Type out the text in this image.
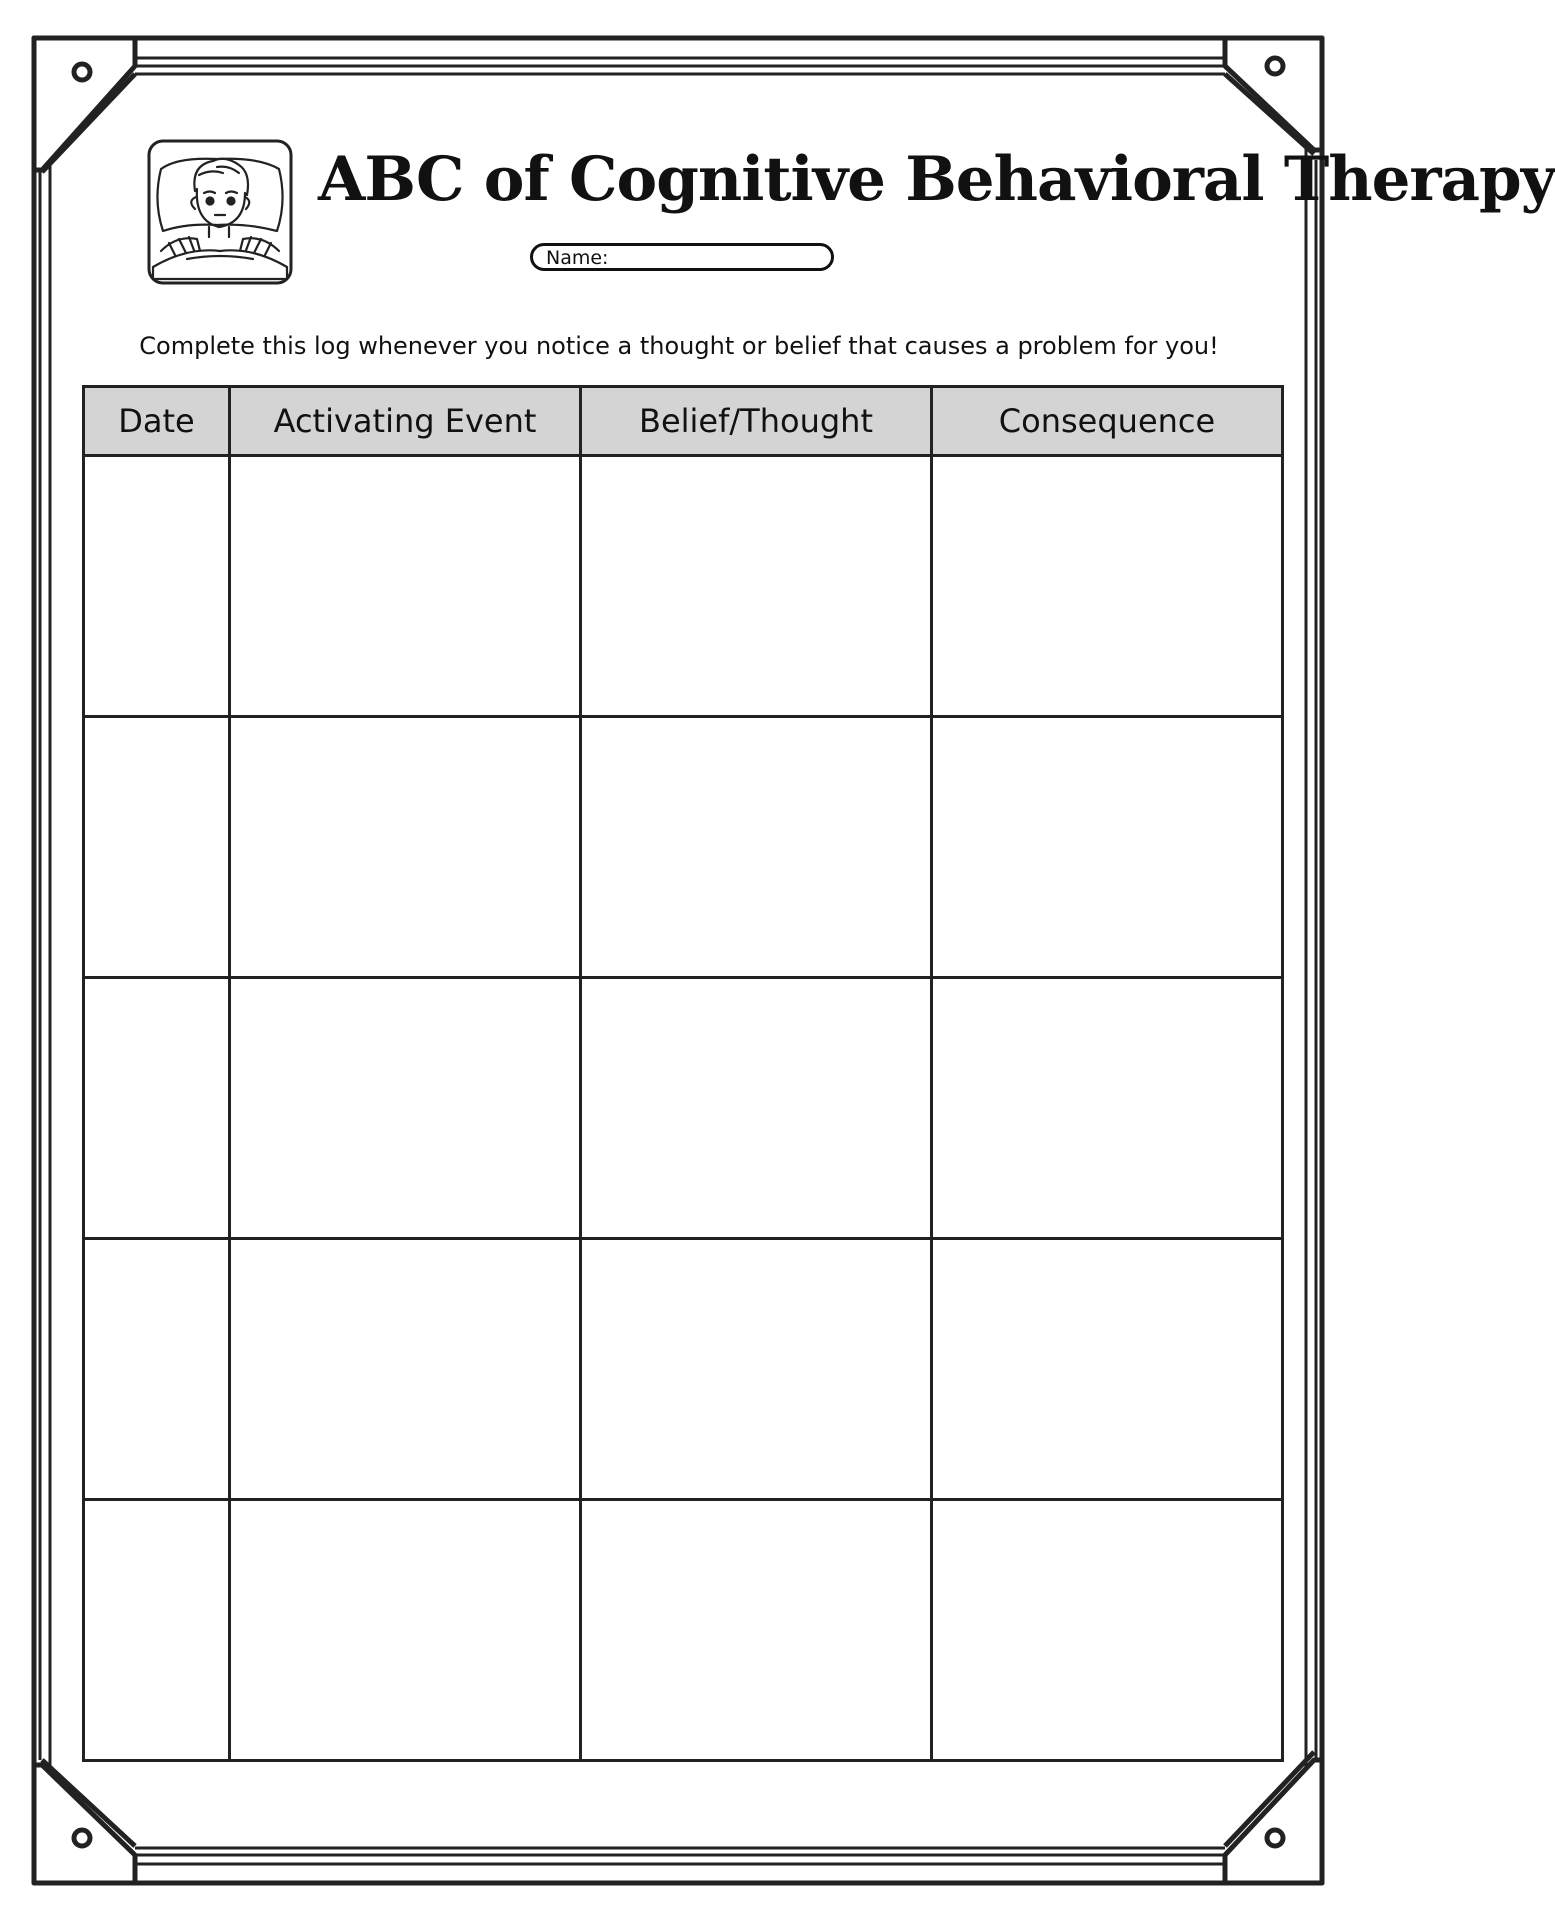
ABC of Cognitive Behavioral Therapy
Name:
Complete this log whenever you notice a thought or belief that causes a problem for you!
Date	Activating Event	Belief/Thought	Consequence
